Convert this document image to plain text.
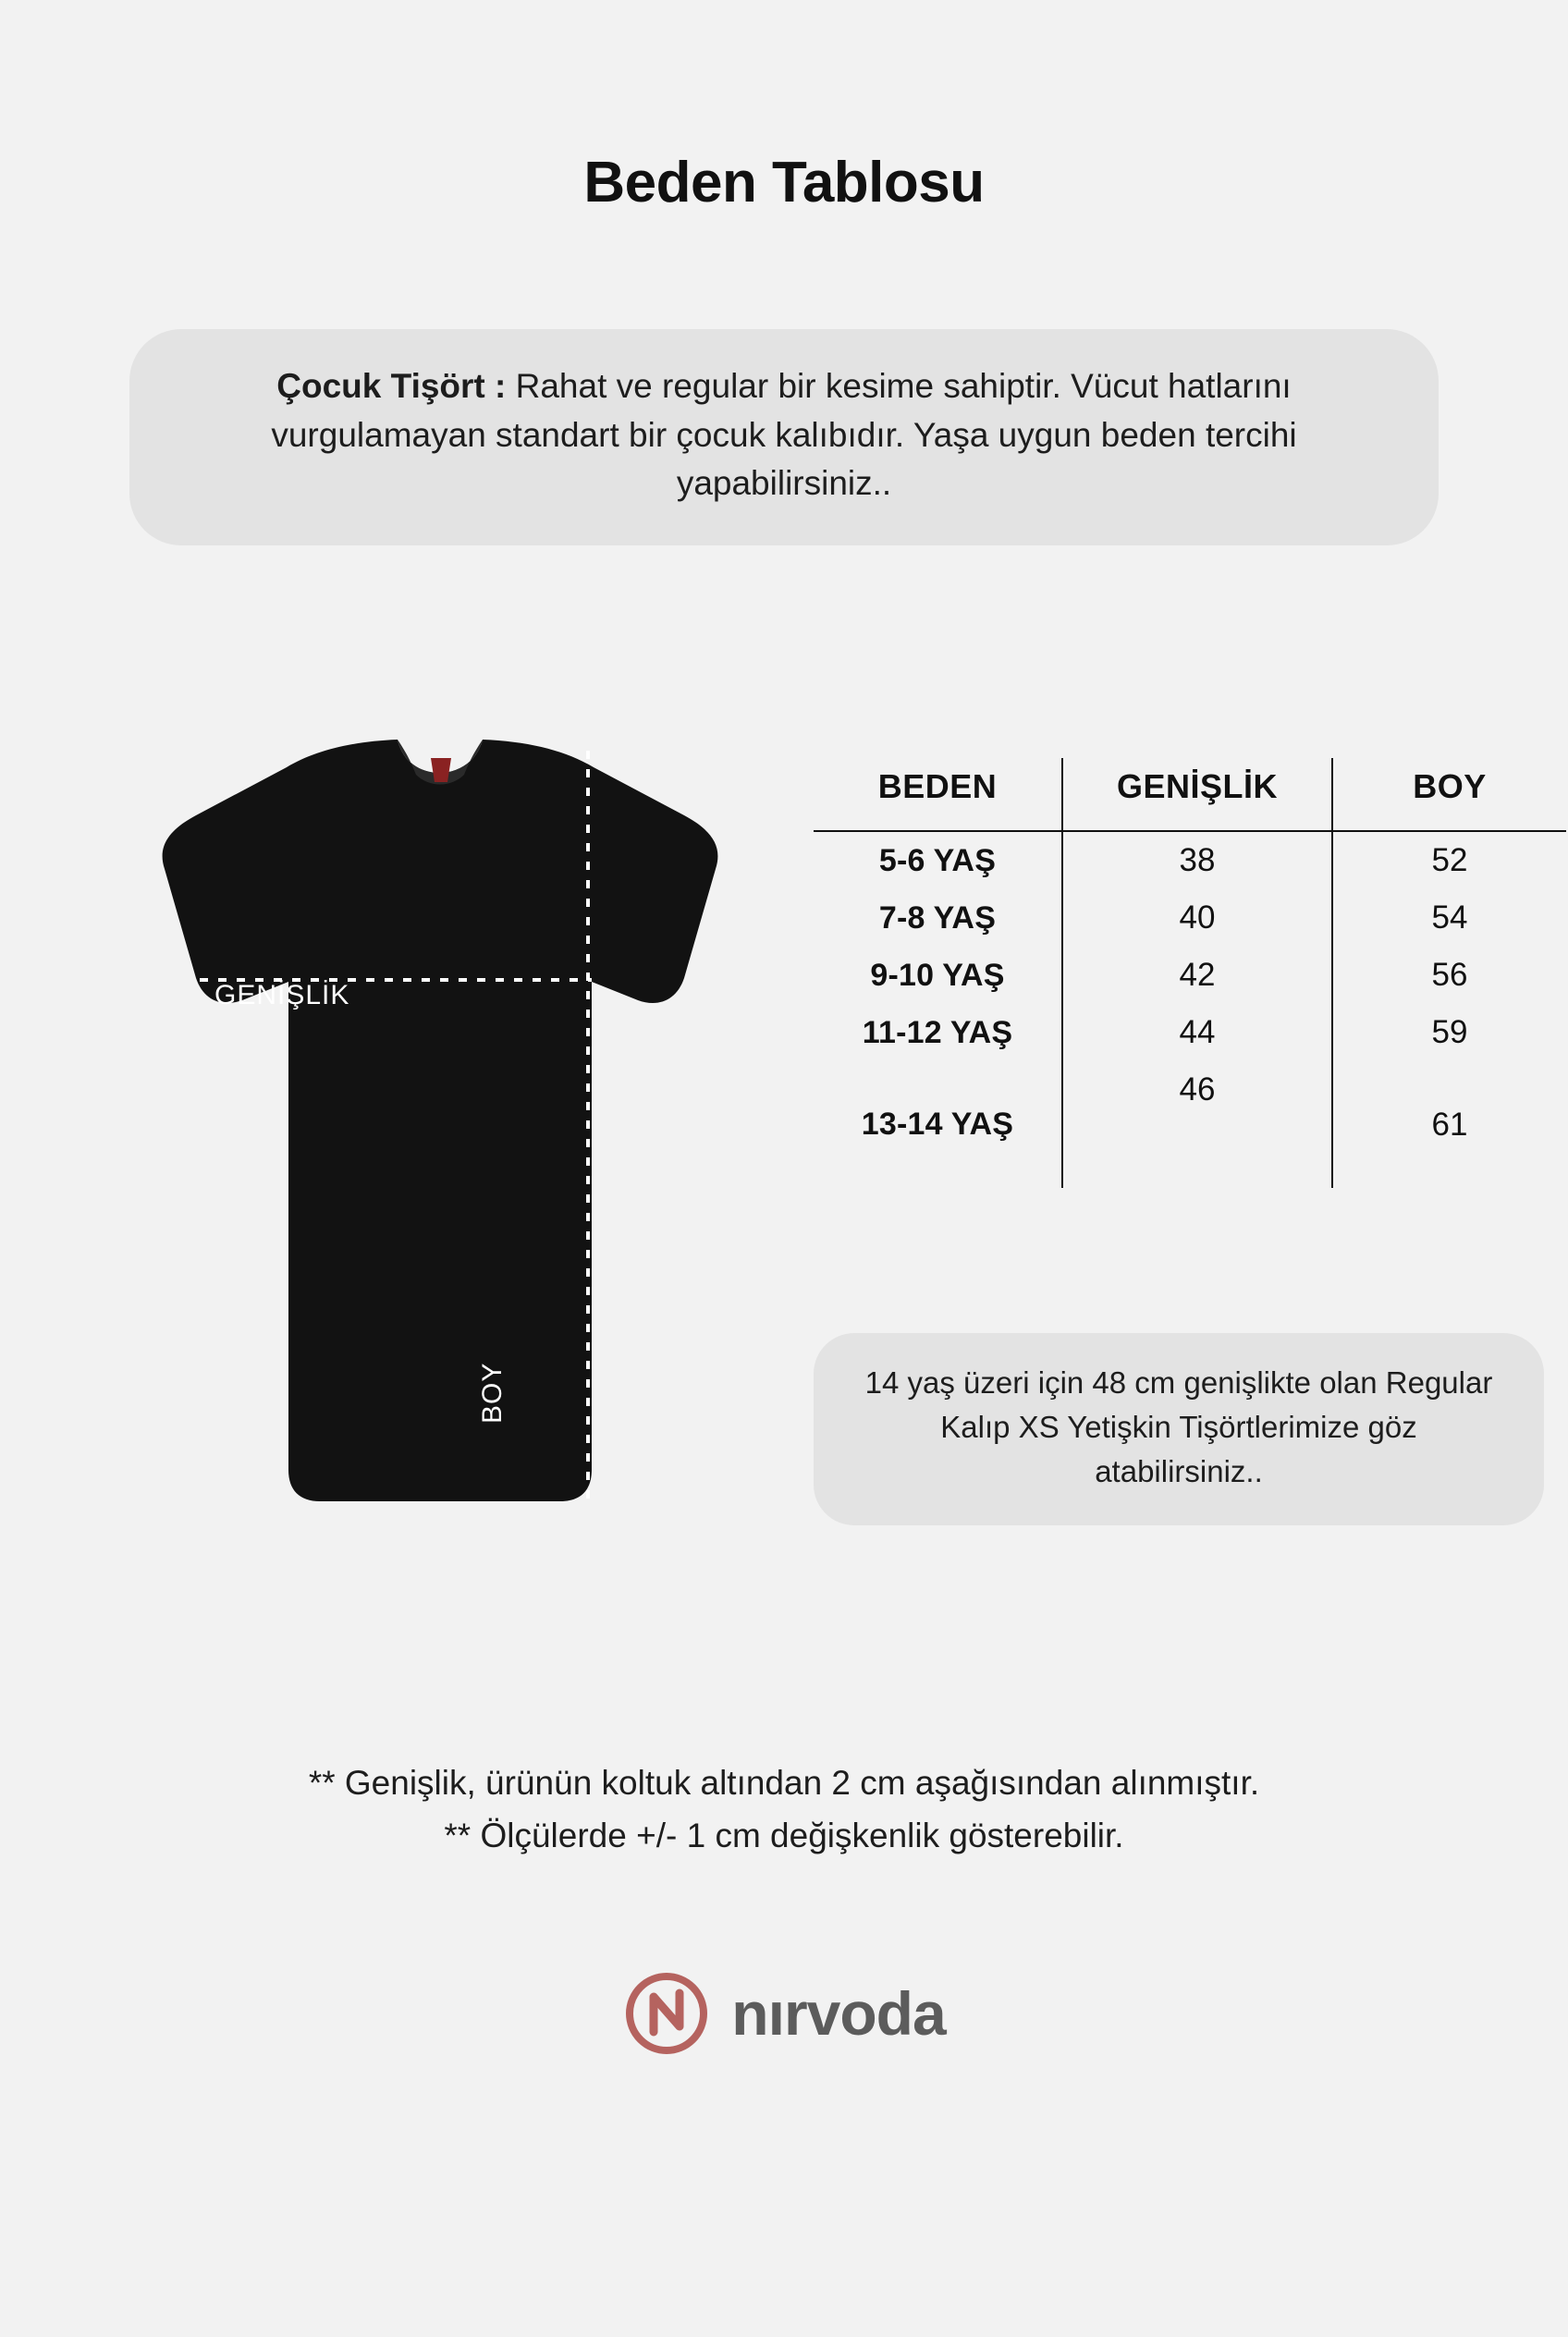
Beden Tablosu
Çocuk Tişört : Rahat ve regular bir kesime sahiptir. Vücut hatlarını vurgulamayan standart bir çocuk kalıbıdır. Yaşa uygun beden tercihi yapabilirsiniz..
GENİŞLİK
BOY
BEDEN	GENİŞLİK	BOY
5-6 YAŞ	38	52
7-8 YAŞ	40	54
9-10 YAŞ	42	56
11-12 YAŞ	44	59
13-14 YAŞ	46	61
14 yaş üzeri için 48 cm genişlikte olan Regular Kalıp XS Yetişkin Tişörtlerimize göz atabilirsiniz..
** Genişlik, ürünün koltuk altından 2 cm aşağısından alınmıştır.
** Ölçülerde +/- 1 cm değişkenlik gösterebilir.
nırvoda
